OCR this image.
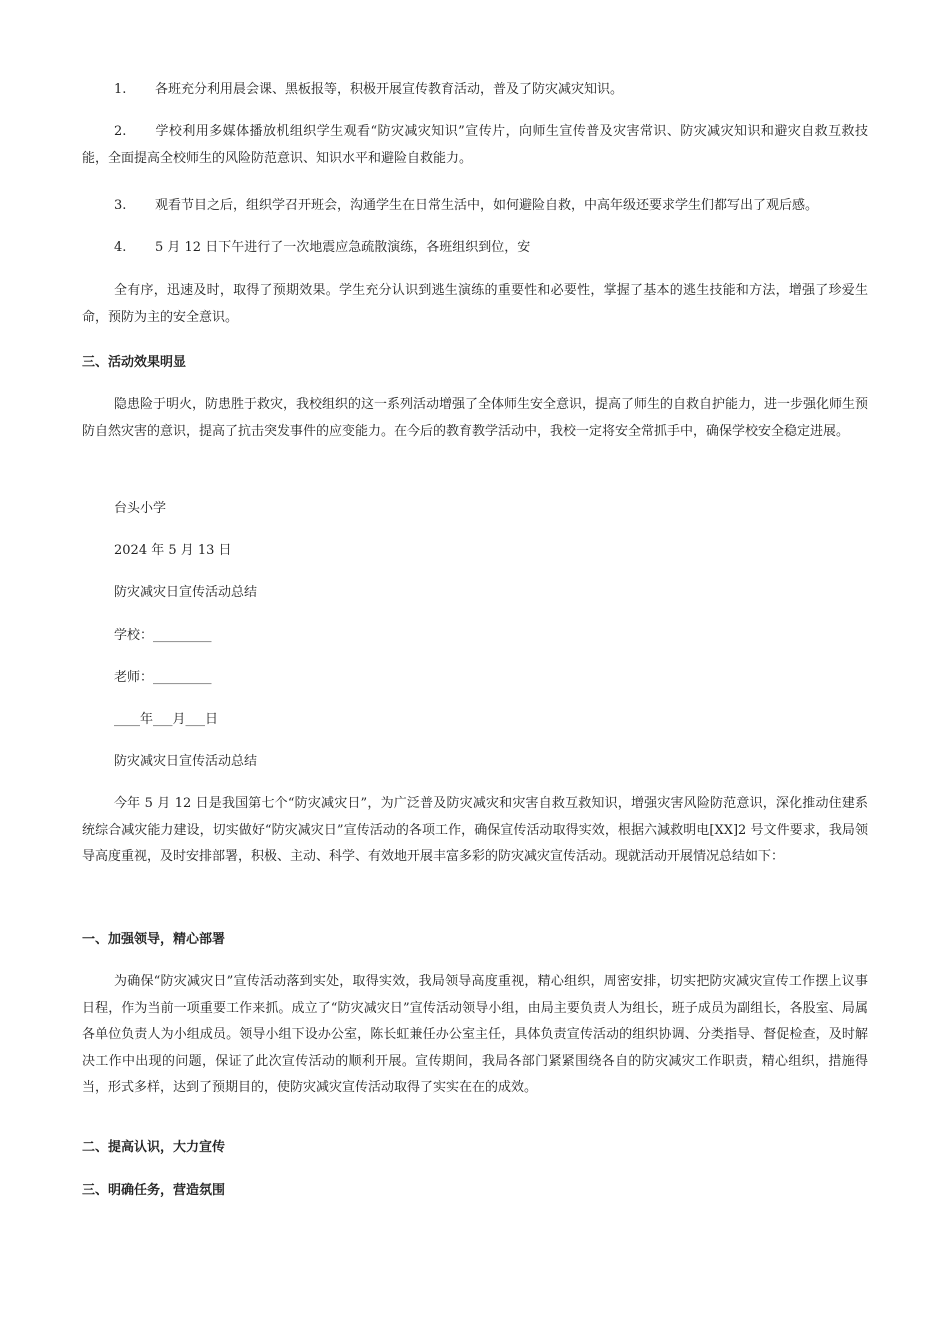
1. 各班充分利用晨会课、黑板报等，积极开展宣传教育活动，普及了防灾减灾知识。
2. 学校利用多媒体播放机组织学生观看“防灾减灾知识”宣传片，向师生宣传普及灾害常识、防灾减灾知识和避灾自救互救技能，全面提高全校师生的风险防范意识、知识水平和避险自救能力。
3. 观看节目之后，组织学召开班会，沟通学生在日常生活中，如何避险自救，中高年级还要求学生们都写出了观后感。
4. 5 月 12 日下午进行了一次地震应急疏散演练，各班组织到位，安
全有序，迅速及时，取得了预期效果。学生充分认识到逃生演练的重要性和必要性，掌握了基本的逃生技能和方法，增强了珍爱生命，预防为主的安全意识。
三、活动效果明显
隐患险于明火，防患胜于救灾，我校组织的这一系列活动增强了全体师生安全意识，提高了师生的自救自护能力，进一步强化师生预防自然灾害的意识，提高了抗击突发事件的应变能力。在今后的教育教学活动中，我校一定将安全常抓手中，确保学校安全稳定进展。
台头小学
2024 年 5 月 13 日
防灾减灾日宣传活动总结
学校：_________
老师：_________
____年___月___日
防灾减灾日宣传活动总结
今年 5 月 12 日是我国第七个“防灾减灾日”，为广泛普及防灾减灾和灾害自救互救知识，增强灾害风险防范意识，深化推动住建系统综合减灾能力建设，切实做好“防灾减灾日”宣传活动的各项工作，确保宣传活动取得实效，根据六減救明电[XX]2 号文件要求，我局领导高度重视，及时安排部署，积极、主动、科学、有效地开展丰富多彩的防灾减灾宣传活动。现就活动开展情况总结如下：
一、加强领导，精心部署
为确保“防灾减灾日”宣传活动落到实处，取得实效，我局领导高度重视，精心组织，周密安排，切实把防灾减灾宣传工作摆上议事日程，作为当前一项重要工作来抓。成立了“防灾减灾日”宣传活动领导小组，由局主要负责人为组长，班子成员为副组长，各股室、局属各单位负责人为小组成员。领导小组下设办公室，陈长虹兼任办公室主任，具体负责宣传活动的组织协调、分类指导、督促检查，及时解决工作中出现的问题，保证了此次宣传活动的顺利开展。宣传期间，我局各部门紧紧围绕各自的防灾减灾工作职责，精心组织，措施得当，形式多样，达到了预期目的，使防灾减灾宣传活动取得了实实在在的成效。
二、提高认识，大力宣传
三、明确任务，营造氛围
